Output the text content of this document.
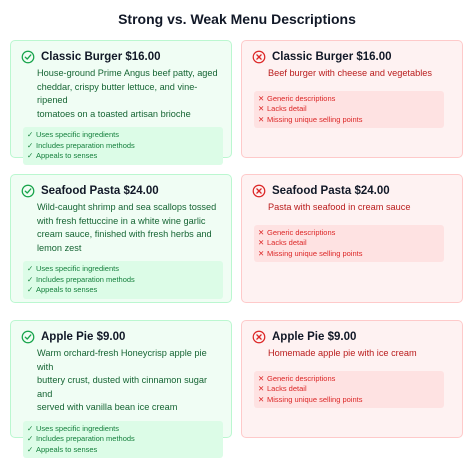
Strong vs. Weak Menu Descriptions
Classic Burger $16.00
House-ground Prime Angus beef patty, aged
cheddar, crispy butter lettuce, and vine-ripened
tomatoes on a toasted artisan brioche
✓ Uses specific ingredients
✓ Includes preparation methods
✓ Appeals to senses
Classic Burger $16.00
Beef burger with cheese and vegetables
✕ Generic descriptions
✕ Lacks detail
✕ Missing unique selling points
Seafood Pasta $24.00
Wild-caught shrimp and sea scallops tossed
with fresh fettuccine in a white wine garlic
cream sauce, finished with fresh herbs and
lemon zest
✓ Uses specific ingredients
✓ Includes preparation methods
✓ Appeals to senses
Seafood Pasta $24.00
Pasta with seafood in cream sauce
✕ Generic descriptions
✕ Lacks detail
✕ Missing unique selling points
Apple Pie $9.00
Warm orchard-fresh Honeycrisp apple pie with
buttery crust, dusted with cinnamon sugar and
served with vanilla bean ice cream
✓ Uses specific ingredients
✓ Includes preparation methods
✓ Appeals to senses
Apple Pie $9.00
Homemade apple pie with ice cream
✕ Generic descriptions
✕ Lacks detail
✕ Missing unique selling points
